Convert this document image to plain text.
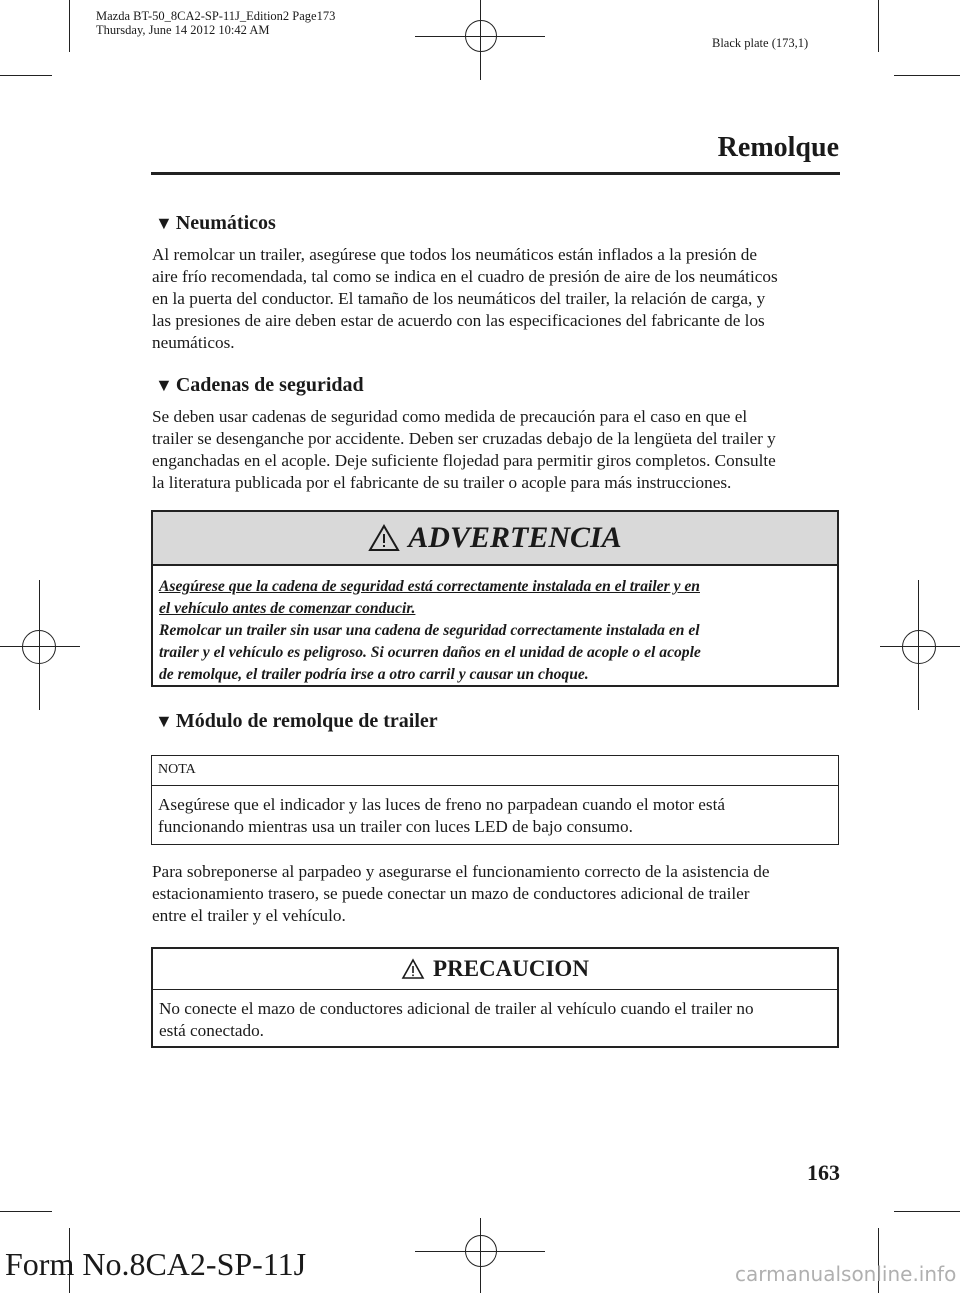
Mazda BT-50_8CA2-SP-11J_Edition2 Page173
Thursday, June 14 2012 10:42 AM
Black plate (173,1)
Remolque
▼ Neumáticos
Al remolcar un trailer, asegúrese que todos los neumáticos están inflados a la presión de
aire frío recomendada, tal como se indica en el cuadro de presión de aire de los neumáticos
en la puerta del conductor. El tamaño de los neumáticos del trailer, la relación de carga, y
las presiones de aire deben estar de acuerdo con las especificaciones del fabricante de los
neumáticos.
▼ Cadenas de seguridad
Se deben usar cadenas de seguridad como medida de precaución para el caso en que el
trailer se desenganche por accidente. Deben ser cruzadas debajo de la lengüeta del trailer y
enganchadas en el acople. Deje suficiente flojedad para permitir giros completos. Consulte
la literatura publicada por el fabricante de su trailer o acople para más instrucciones.
ADVERTENCIA
Asegúrese que la cadena de seguridad está correctamente instalada en el trailer y en
el vehículo antes de comenzar conducir.
Remolcar un trailer sin usar una cadena de seguridad correctamente instalada en el
trailer y el vehículo es peligroso. Si ocurren daños en el unidad de acople o el acople
de remolque, el trailer podría irse a otro carril y causar un choque.
▼ Módulo de remolque de trailer
NOTA
Asegúrese que el indicador y las luces de freno no parpadean cuando el motor está
funcionando mientras usa un trailer con luces LED de bajo consumo.
Para sobreponerse al parpadeo y asegurarse el funcionamiento correcto de la asistencia de
estacionamiento trasero, se puede conectar un mazo de conductores adicional de trailer
entre el trailer y el vehículo.
PRECAUCION
No conecte el mazo de conductores adicional de trailer al vehículo cuando el trailer no
está conectado.
163
Form No.8CA2-SP-11J	carmanualsonline.info
